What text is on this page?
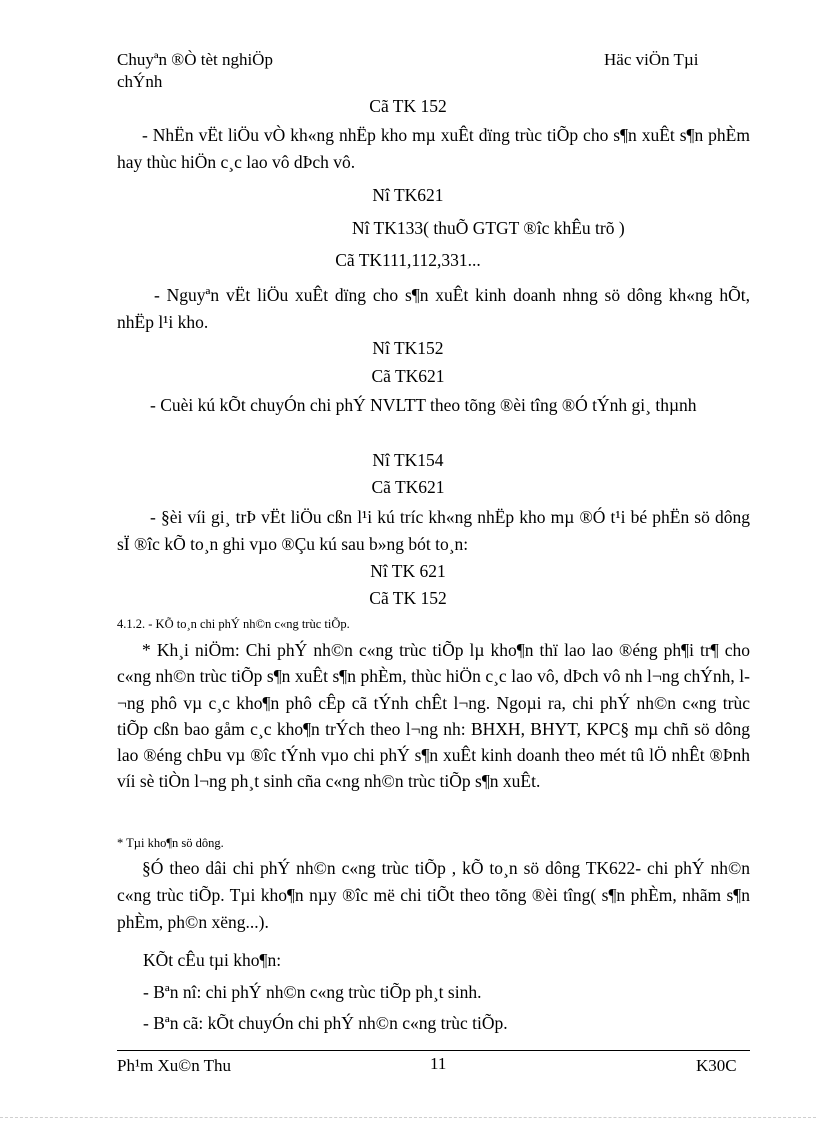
Chuyªn ®Ò tèt nghiÖp
chÝnh
Häc viÖn Tµi
Cã TK 152
- NhËn vËt liÖu vÒ kh«ng nhËp kho mµ xuÊt dïng trùc tiÕp cho s¶n xuÊt s¶n phÈm hay thùc hiÖn c¸c lao vô dÞch vô.
Nî TK621
Nî TK133( thuÕ GTGT ®îc khÊu trõ )
Cã TK111,112,331...
- Nguyªn vËt liÖu xuÊt dïng cho s¶n xuÊt kinh doanh nhng sö dông kh«ng hÕt, nhËp l¹i kho.
Nî TK152
Cã TK621
- Cuèi kú kÕt chuyÓn chi phÝ NVLTT theo tõng ®èi tîng ®Ó tÝnh gi¸ thµnh
Nî TK154
Cã TK621
- §èi víi gi¸ trÞ vËt liÖu cßn l¹i kú tríc kh«ng nhËp kho mµ ®Ó t¹i bé phËn sö dông sÏ ®îc kÕ to¸n ghi vµo ®Çu kú sau b»ng bót to¸n:
Nî TK 621
Cã TK 152
4.1.2. - KÕ to¸n chi phÝ nh©n c«ng trùc tiÕp.
* Kh¸i niÖm: Chi phÝ nh©n c«ng trùc tiÕp lµ kho¶n thï lao lao ®éng ph¶i tr¶ cho c«ng nh©n trùc tiÕp s¶n xuÊt s¶n phÈm, thùc hiÖn c¸c lao vô, dÞch vô nh l¬ng chÝnh, l¬ng phô vµ c¸c kho¶n phô cÊp cã tÝnh chÊt l¬ng. Ngoµi ra, chi phÝ nh©n c«ng trùc tiÕp cßn bao gåm c¸c kho¶n trÝch theo l¬ng nh: BHXH, BHYT, KPC§ mµ chñ sö dông lao ®éng chÞu vµ ®îc tÝnh vµo chi phÝ s¶n xuÊt kinh doanh theo mét tû lÖ nhÊt ®Þnh víi sè tiÒn l¬ng ph¸t sinh cña c«ng nh©n trùc tiÕp s¶n xuÊt.
* Tµi kho¶n sö dông.
§Ó theo dâi chi phÝ nh©n c«ng trùc tiÕp , kÕ to¸n sö dông TK622- chi phÝ nh©n c«ng trùc tiÕp. Tµi kho¶n nµy ®îc më chi tiÕt theo tõng ®èi tîng( s¶n phÈm, nhãm s¶n phÈm, ph©n xëng...).
KÕt cÊu tµi kho¶n:
- Bªn nî: chi phÝ nh©n c«ng trùc tiÕp ph¸t sinh.
- Bªn cã: kÕt chuyÓn chi phÝ nh©n c«ng trùc tiÕp.
Ph¹m Xu©n Thu	11	K30C
